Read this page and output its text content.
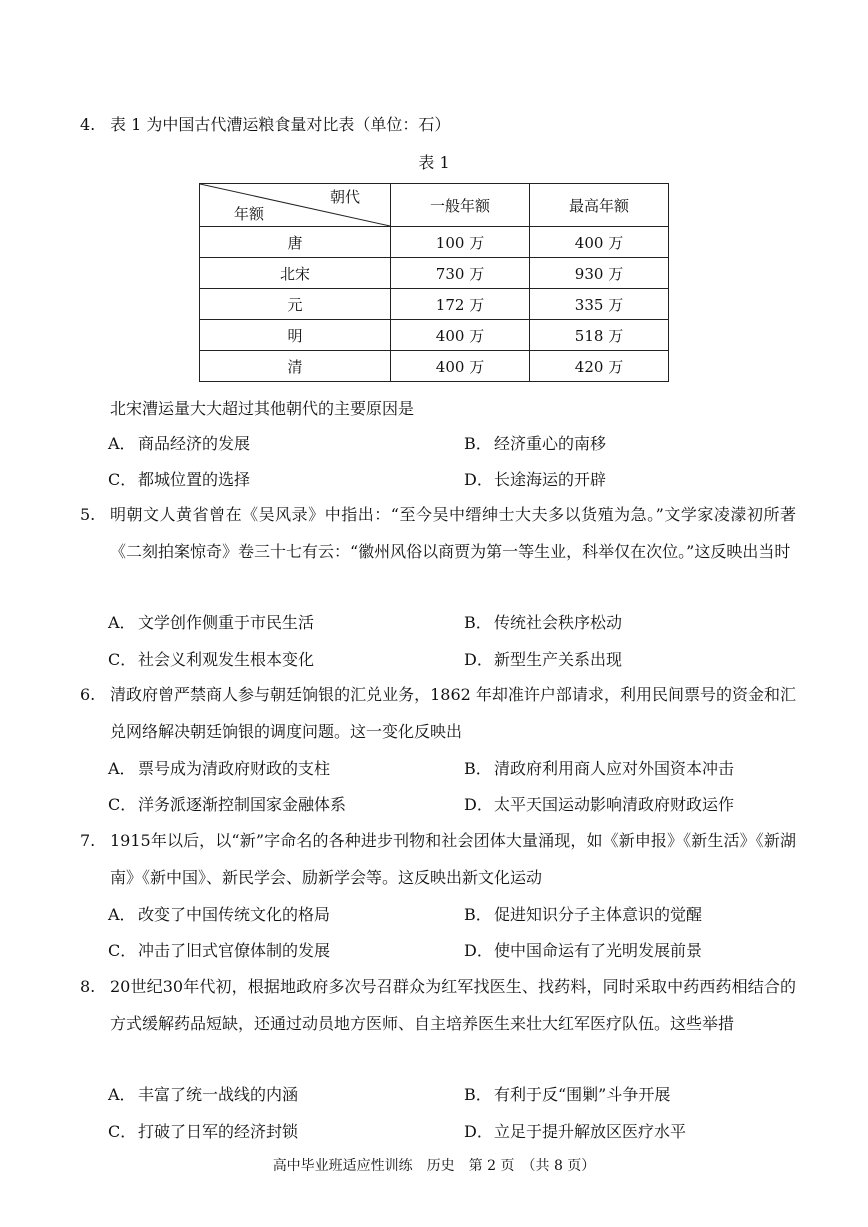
4. 表 1 为中国古代漕运粮食量对比表（单位：石）
表 1
朝代
年额	一般年额	最高年额
唐	100 万	400 万
北宋	730 万	930 万
元	172 万	335 万
明	400 万	518 万
清	400 万	420 万
北宋漕运量大大超过其他朝代的主要原因是
A． 商品经济的发展	B． 经济重心的南移
C． 都城位置的选择	D．长途海运的开辟
5. 明朝文人黄省曾在《吴风录》中指出：“至今吴中缙绅士大夫多以货殖为急。”文学家凌濛初所著《二刻拍案惊奇》卷三十七有云：“徽州风俗以商贾为第一等生业，科举仅在次位。”这反映出当时
A． 文学创作侧重于市民生活	B． 传统社会秩序松动
C． 社会义利观发生根本变化	D．新型生产关系出现
6. 清政府曾严禁商人参与朝廷饷银的汇兑业务，1862 年却准许户部请求，利用民间票号的资金和汇兑网络解决朝廷饷银的调度问题。这一变化反映出
A． 票号成为清政府财政的支柱	B． 清政府利用商人应对外国资本冲击
C． 洋务派逐渐控制国家金融体系	D．太平天国运动影响清政府财政运作
7. 1915年以后，以“新”字命名的各种进步刊物和社会团体大量涌现，如《新申报》《新生活》《新湖南》《新中国》、新民学会、励新学会等。这反映出新文化运动
A． 改变了中国传统文化的格局	B． 促进知识分子主体意识的觉醒
C． 冲击了旧式官僚体制的发展	D．使中国命运有了光明发展前景
8. 20世纪30年代初，根据地政府多次号召群众为红军找医生、找药料，同时采取中药西药相结合的方式缓解药品短缺，还通过动员地方医师、自主培养医生来壮大红军医疗队伍。这些举措
A． 丰富了统一战线的内涵	B． 有利于反“围剿”斗争开展
C． 打破了日军的经济封锁	D．立足于提升解放区医疗水平
高中毕业班适应性训练　历史　第 2 页　（共 8 页）
